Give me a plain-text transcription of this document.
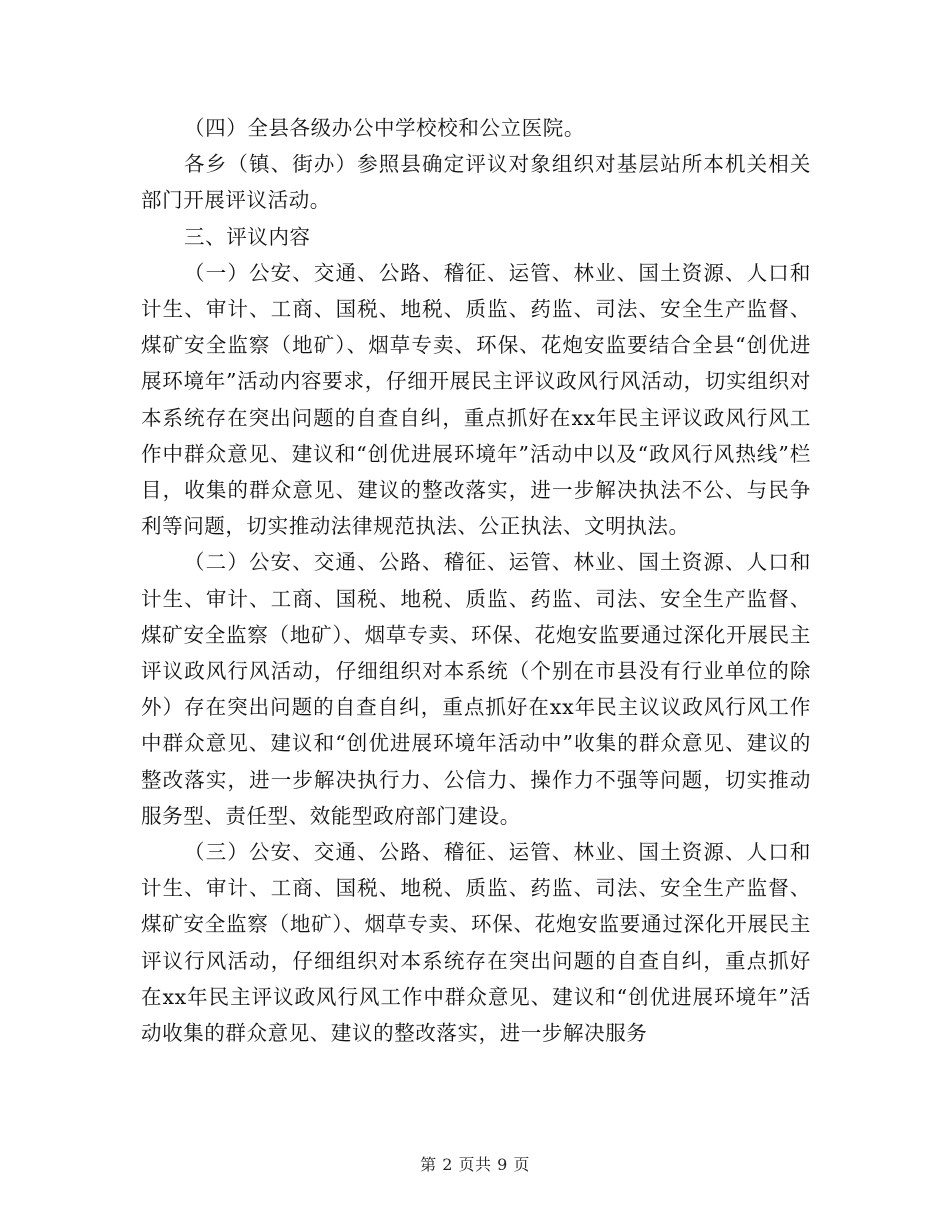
（四）全县各级办公中学校校和公立医院。

各乡（镇、街办）参照县确定评议对象组织对基层站所本机关相关部门开展评议活动。

三、评议内容

（一）公安、交通、公路、稽征、运管、林业、国土资源、人口和计生、审计、工商、国税、地税、质监、药监、司法、安全生产监督、煤矿安全监察（地矿）、烟草专卖、环保、花炮安监要结合全县“创优进展环境年”活动内容要求，仔细开展民主评议政风行风活动，切实组织对本系统存在突出问题的自查自纠，重点抓好在xx年民主评议政风行风工作中群众意见、建议和“创优进展环境年”活动中以及“政风行风热线”栏目，收集的群众意见、建议的整改落实，进一步解决执法不公、与民争利等问题，切实推动法律规范执法、公正执法、文明执法。

（二）公安、交通、公路、稽征、运管、林业、国土资源、人口和计生、审计、工商、国税、地税、质监、药监、司法、安全生产监督、煤矿安全监察（地矿）、烟草专卖、环保、花炮安监要通过深化开展民主评议政风行风活动，仔细组织对本系统（个别在市县没有行业单位的除外）存在突出问题的自查自纠，重点抓好在xx年民主议议政风行风工作中群众意见、建议和“创优进展环境年活动中”收集的群众意见、建议的整改落实，进一步解决执行力、公信力、操作力不强等问题，切实推动服务型、责任型、效能型政府部门建设。

（三）公安、交通、公路、稽征、运管、林业、国土资源、人口和计生、审计、工商、国税、地税、质监、药监、司法、安全生产监督、煤矿安全监察（地矿）、烟草专卖、环保、花炮安监要通过深化开展民主评议行风活动，仔细组织对本系统存在突出问题的自查自纠，重点抓好在xx年民主评议政风行风工作中群众意见、建议和“创优进展环境年”活动收集的群众意见、建议的整改落实，进一步解决服务

第 2 页共 9 页
